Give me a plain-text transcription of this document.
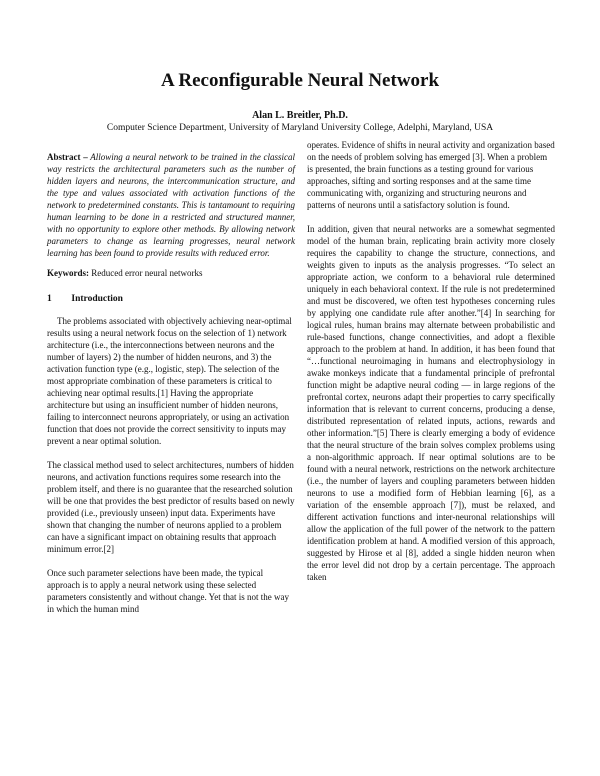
A Reconfigurable Neural Network
Alan L. Breitler, Ph.D.
Computer Science Department, University of Maryland University College, Adelphi, Maryland, USA

Abstract – Allowing a neural network to be trained in the classical way restricts the architectural parameters such as the number of hidden layers and neurons, the intercommunication structure, and the type and values associated with activation functions of the network to predetermined constants. This is tantamount to requiring human learning to be done in a restricted and structured manner, with no opportunity to explore other methods. By allowing network parameters to change as learning progresses, neural network learning has been found to provide results with reduced error.

Keywords: Reduced error neural networks

1 Introduction

The problems associated with objectively achieving near-optimal results using a neural network focus on the selection of 1) network architecture (i.e., the interconnections between neurons and the number of layers) 2) the number of hidden neurons, and 3) the activation function type (e.g., logistic, step). The selection of the most appropriate combination of these parameters is critical to achieving near optimal results.[1] Having the appropriate architecture but using an insufficient number of hidden neurons, failing to interconnect neurons appropriately, or using an activation function that does not provide the correct sensitivity to inputs may prevent a near optimal solution.

The classical method used to select architectures, numbers of hidden neurons, and activation functions requires some research into the problem itself, and there is no guarantee that the researched solution will be one that provides the best predictor of results based on newly provided (i.e., previously unseen) input data. Experiments have shown that changing the number of neurons applied to a problem can have a significant impact on obtaining results that approach minimum error.[2]

Once such parameter selections have been made, the typical approach is to apply a neural network using these selected parameters consistently and without change. Yet that is not the way in which the human mind

operates. Evidence of shifts in neural activity and organization based on the needs of problem solving has emerged [3]. When a problem is presented, the brain functions as a testing ground for various approaches, sifting and sorting responses and at the same time communicating with, organizing and structuring neurons and patterns of neurons until a satisfactory solution is found.

In addition, given that neural networks are a somewhat segmented model of the human brain, replicating brain activity more closely requires the capability to change the structure, connections, and weights given to inputs as the analysis progresses. “To select an appropriate action, we conform to a behavioral rule determined uniquely in each behavioral context. If the rule is not predetermined and must be discovered, we often test hypotheses concerning rules by applying one candidate rule after another.”[4] In searching for logical rules, human brains may alternate between probabilistic and rule-based functions, change connectivities, and adopt a flexible approach to the problem at hand. In addition, it has been found that “…functional neuroimaging in humans and electrophysiology in awake monkeys indicate that a fundamental principle of prefrontal function might be adaptive neural coding — in large regions of the prefrontal cortex, neurons adapt their properties to carry specifically information that is relevant to current concerns, producing a dense, distributed representation of related inputs, actions, rewards and other information.”[5] There is clearly emerging a body of evidence that the neural structure of the brain solves complex problems using a non-algorithmic approach. If near optimal solutions are to be found with a neural network, restrictions on the network architecture (i.e., the number of layers and coupling parameters between hidden neurons to use a modified form of Hebbian learning [6], as a variation of the ensemble approach [7]), must be relaxed, and different activation functions and inter-neuronal relationships will allow the application of the full power of the network to the pattern identification problem at hand. A modified version of this approach, suggested by Hirose et al [8], added a single hidden neuron when the error level did not drop by a certain percentage. The approach taken
